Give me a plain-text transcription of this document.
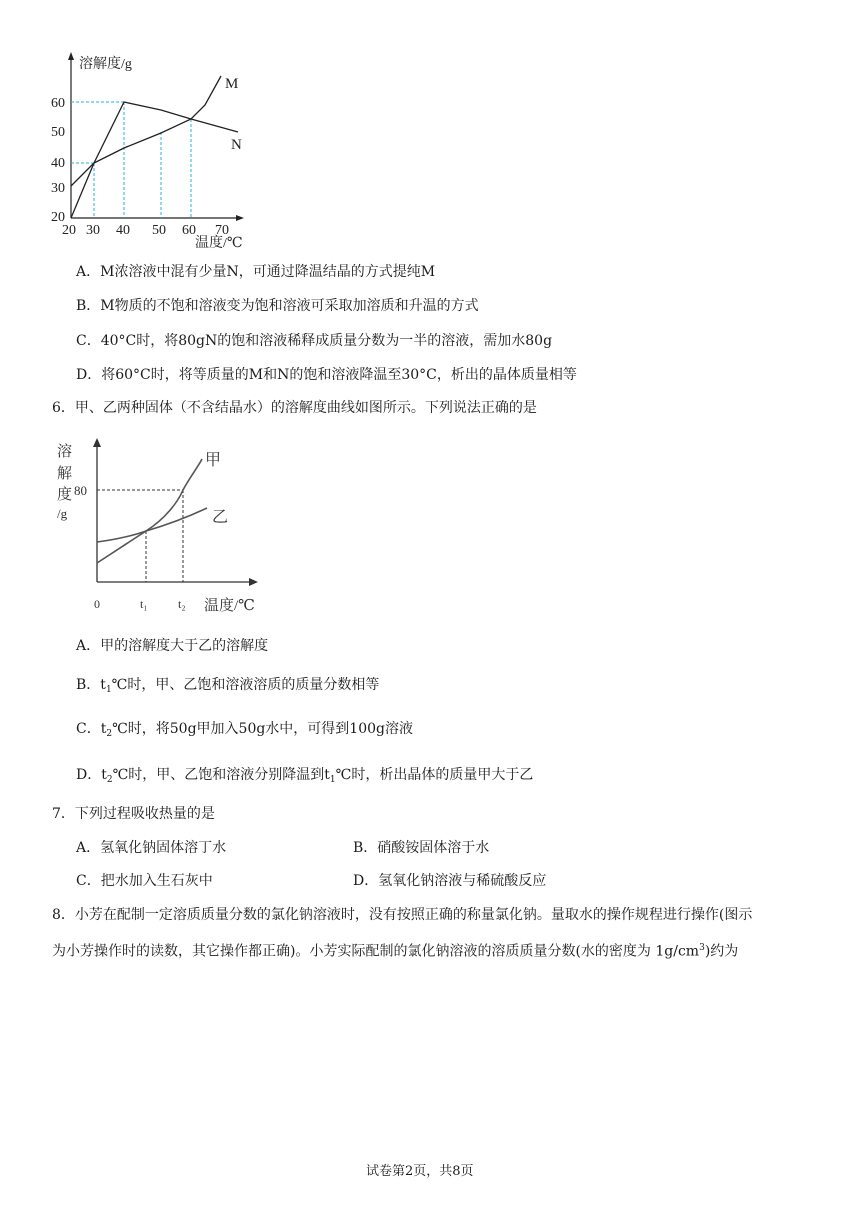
溶解度/g
60
50
40
30
20
20 30 40 50 60 70
温度/℃
M
N
A．M浓溶液中混有少量N，可通过降温结晶的方式提纯M
B．M物质的不饱和溶液变为饱和溶液可采取加溶质和升温的方式
C．40°C时，将80gN的饱和溶液稀释成质量分数为一半的溶液，需加水80g
D．将60°C时，将等质量的M和N的饱和溶液降温至30°C，析出的晶体质量相等
6．甲、乙两种固体（不含结晶水）的溶解度曲线如图所示。下列说法正确的是
溶
解
度
/g
80
0	t₁	t₂ 温度/℃
甲
乙
A．甲的溶解度大于乙的溶解度
B．$t_1℃$时，甲、乙饱和溶液溶质的质量分数相等
C．$t_2℃$时，将50g甲加入50g水中，可得到100g溶液
D．$t_2℃$时，甲、乙饱和溶液分别降温到$t_1℃$时，析出晶体的质量甲大于乙
7．下列过程吸收热量的是
A．氢氧化钠固体溶丁水	B．硝酸铵固体溶于水
C．把水加入生石灰中	D．氢氧化钠溶液与稀硫酸反应
8．小芳在配制一定溶质质量分数的氯化钠溶液时，没有按照正确的称量氯化钠。量取水的操作规程进行操作(图示
为小芳操作时的读数，其它操作都正确)。小芳实际配制的氯化钠溶液的溶质质量分数(水的密度为 $1g/cm^3$)约为
试卷第2页，共8页
